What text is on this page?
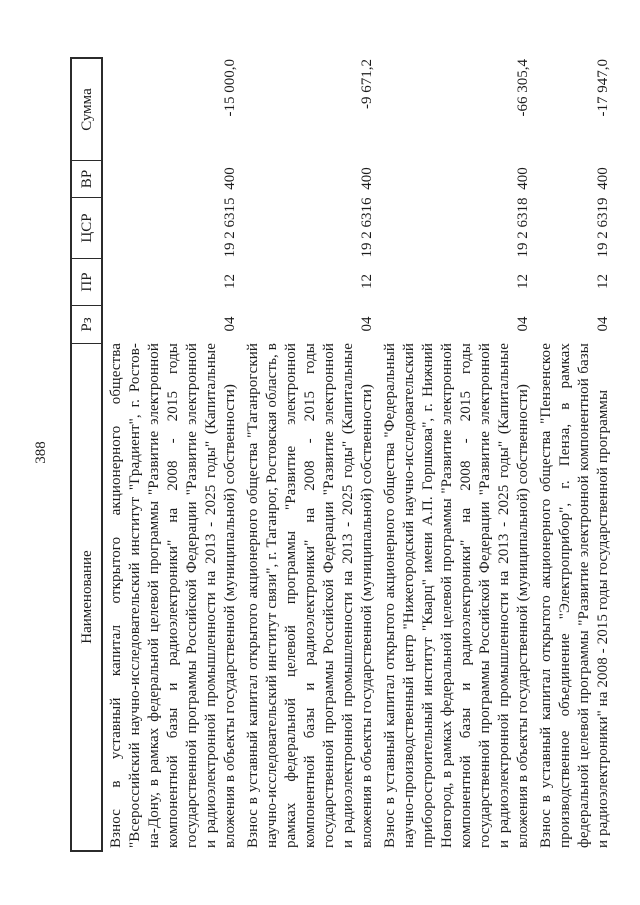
388
Наименование
Рз
ПР
ЦСР
ВР
Сумма
Взнос в уставный капитал открытого акционерного общества "Всероссийский научно-исследовательский институт "Градиент", г. Ростов-на-Дону, в рамках федеральной целевой программы "Развитие электронной компонентной базы и радиоэлектроники" на 2008 - 2015 годы государственной программы Российской Федерации "Развитие электронной и радиоэлектронной промышленности на 2013 - 2025 годы" (Капитальные вложения в объекты государственной (муниципальной) собственности)
04
12
19 2 6315
400
-15 000,0
Взнос в уставный капитал открытого акционерного общества "Таганрогский научно-исследовательский институт связи", г. Таганрог, Ростовская область, в рамках федеральной целевой программы "Развитие электронной компонентной базы и радиоэлектроники" на 2008 - 2015 годы государственной программы Российской Федерации "Развитие электронной и радиоэлектронной промышленности на 2013 - 2025 годы" (Капитальные вложения в объекты государственной (муниципальной) собственности)
04
12
19 2 6316
400
-9 671,2
Взнос в уставный капитал открытого акционерного общества "Федеральный научно-производственный центр "Нижегородский научно-исследовательский приборостроительный институт "Кварц" имени А.П. Горшкова", г. Нижний Новгород, в рамках федеральной целевой программы "Развитие электронной компонентной базы и радиоэлектроники" на 2008 - 2015 годы государственной программы Российской Федерации "Развитие электронной и радиоэлектронной промышленности на 2013 - 2025 годы" (Капитальные вложения в объекты государственной (муниципальной) собственности)
04
12
19 2 6318
400
-66 305,4
Взнос в уставный капитал открытого акционерного общества "Пензенское производственное объединение "Электроприбор", г. Пенза, в рамках федеральной целевой программы "Развитие электронной компонентной базы и радиоэлектроники" на 2008 - 2015 годы государственной программы
04
12
19 2 6319
400
-17 947,0
